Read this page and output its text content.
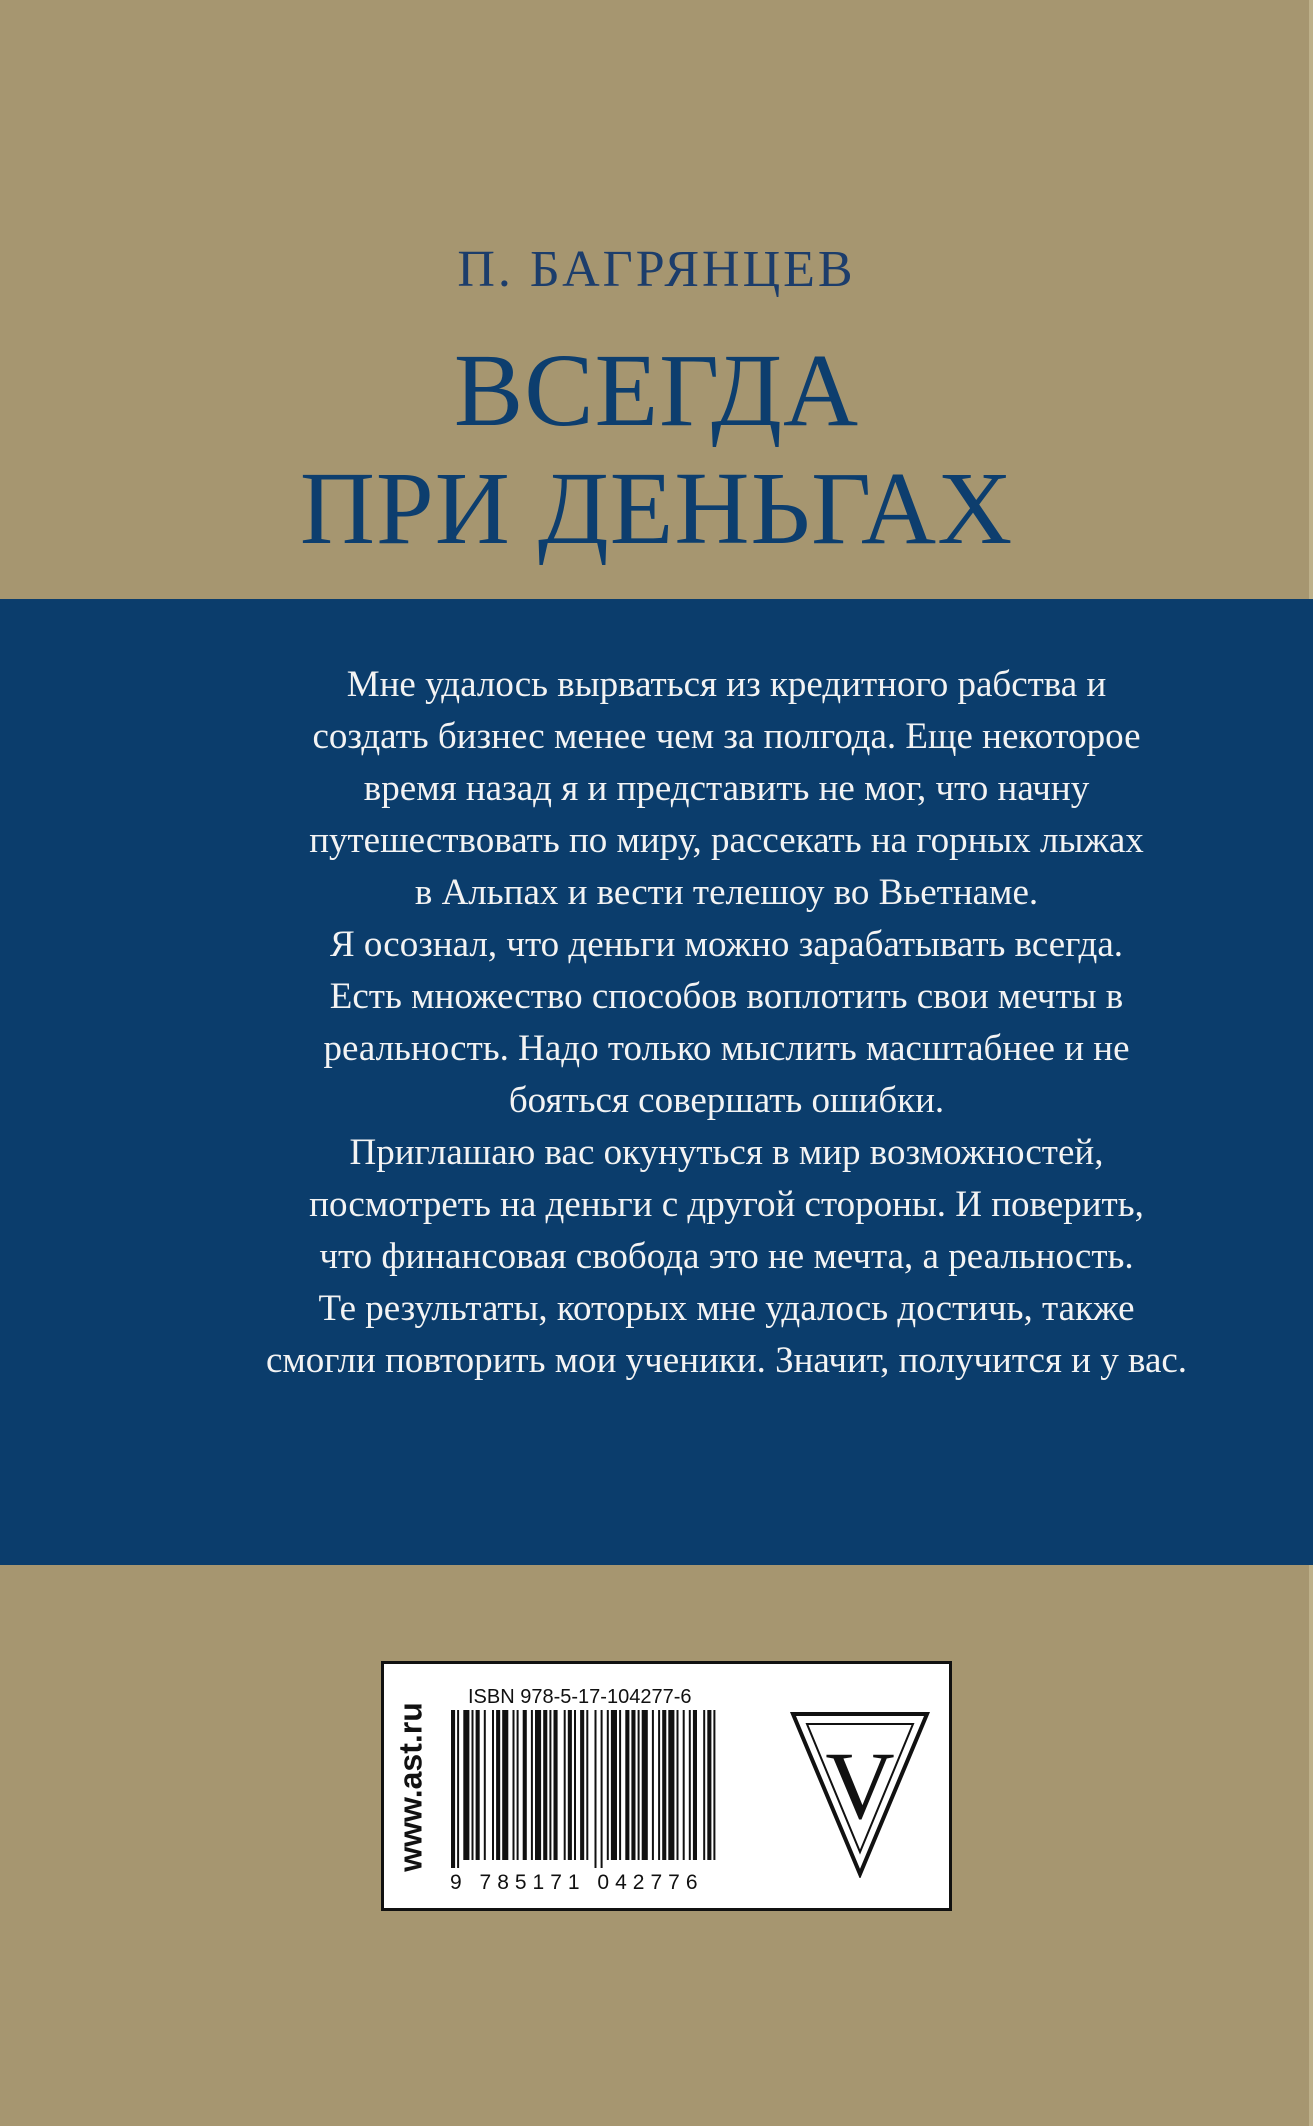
П. БАГРЯНЦЕВ
ВСЕГДА
ПРИ ДЕНЬГАХ
Мне удалось вырваться из кредитного рабства и
создать бизнес менее чем за полгода. Еще некоторое
время назад я и представить не мог, что начну
путешествовать по миру, рассекать на горных лыжах
в Альпах и вести телешоу во Вьетнаме.
Я осознал, что деньги можно зарабатывать всегда.
Есть множество способов воплотить свои мечты в
реальность. Надо только мыслить масштабнее и не
бояться совершать ошибки.
Приглашаю вас окунуться в мир возможностей,
посмотреть на деньги с другой стороны. И поверить,
что финансовая свобода это не мечта, а реальность.
Те результаты, которых мне удалось достичь, также
смогли повторить мои ученики. Значит, получится и у вас.
www.ast.ru
ISBN 978-5-17-104277-6
9 785171 042776
V
